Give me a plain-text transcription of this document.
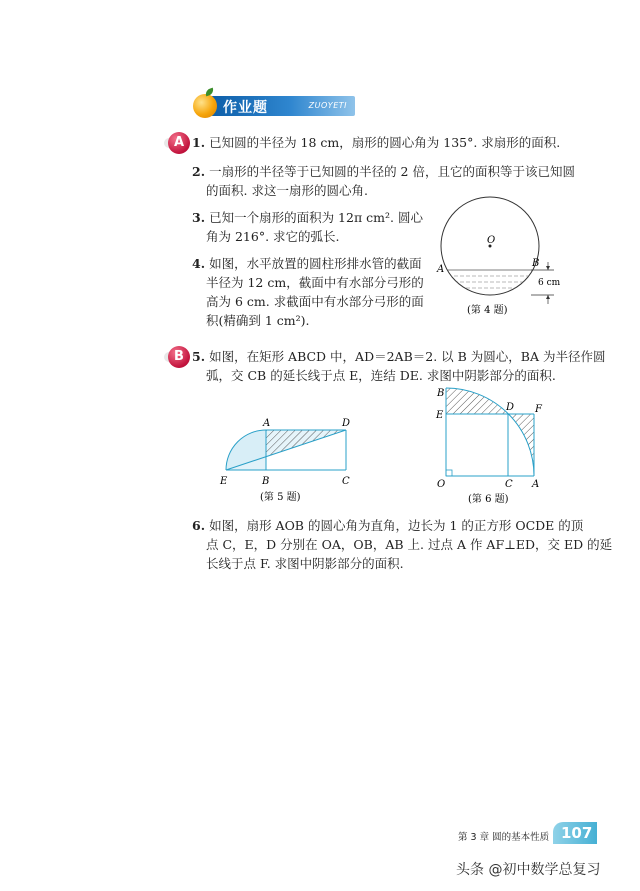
作业题	ZUOYETI
A 1. 已知圆的半径为 18 cm，扇形的圆心角为 135°. 求扇形的面积.
2. 一扇形的半径等于已知圆的半径的 2 倍，且它的面积等于该已知圆
的面积. 求这一扇形的圆心角.
3. 已知一个扇形的面积为 12π cm². 圆心
角为 216°. 求它的弧长.
4. 如图，水平放置的圆柱形排水管的截面
半径为 12 cm，截面中有水部分弓形的
高为 6 cm. 求截面中有水部分弓形的面
积(精确到 1 cm²).
O
A
B
6 cm
(第 4 题)
B 5. 如图，在矩形 ABCD 中，AD＝2AB＝2. 以 B 为圆心，BA 为半径作圆
弧，交 CB 的延长线于点 E，连结 DE. 求图中阴影部分的面积.
A	D
E	B	C
(第 5 题)
B
D F
E
O	C A
(第 6 题)
6. 如图，扇形 AOB 的圆心角为直角，边长为 1 的正方形 OCDE 的顶
点 C，E，D 分别在 OA，OB，AB 上. 过点 A 作 AF⊥ED，交 ED 的延
长线于点 F. 求图中阴影部分的面积.
第 3 章 圆的基本性质 107
头条 @初中数学总复习
